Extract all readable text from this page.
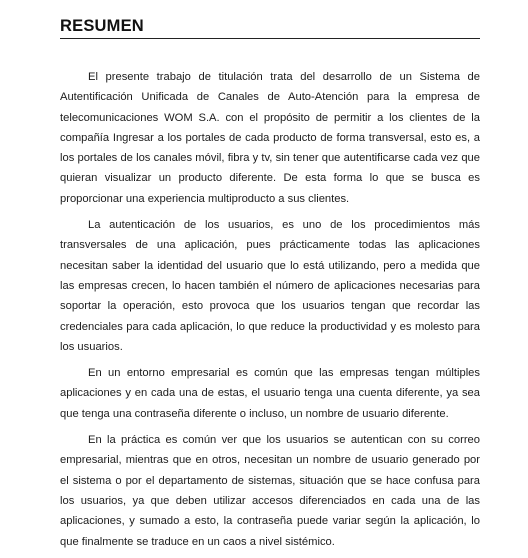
RESUMEN

El presente trabajo de titulación trata del desarrollo de un Sistema de Autentificación Unificada de Canales de Auto-Atención para la empresa de telecomunicaciones WOM S.A. con el propósito de permitir a los clientes de la compañía Ingresar a los portales de cada producto de forma transversal, esto es, a los portales de los canales móvil, fibra y tv, sin tener que autentificarse cada vez que quieran visualizar un producto diferente. De esta forma lo que se busca es proporcionar una experiencia multiproducto a sus clientes.

La autenticación de los usuarios, es uno de los procedimientos más transversales de una aplicación, pues prácticamente todas las aplicaciones necesitan saber la identidad del usuario que lo está utilizando, pero a medida que las empresas crecen, lo hacen también el número de aplicaciones necesarias para soportar la operación, esto provoca que los usuarios tengan que recordar las credenciales para cada aplicación, lo que reduce la productividad y es molesto para los usuarios.

En un entorno empresarial es común que las empresas tengan múltiples aplicaciones y en cada una de estas, el usuario tenga una cuenta diferente, ya sea que tenga una contraseña diferente o incluso, un nombre de usuario diferente.

En la práctica es común ver que los usuarios se autentican con su correo empresarial, mientras que en otros, necesitan un nombre de usuario generado por el sistema o por el departamento de sistemas, situación que se hace confusa para los usuarios, ya que deben utilizar accesos diferenciados en cada una de las aplicaciones, y sumado a esto, la contraseña puede variar según la aplicación, lo que finalmente se traduce en un caos a nivel sistémico.
